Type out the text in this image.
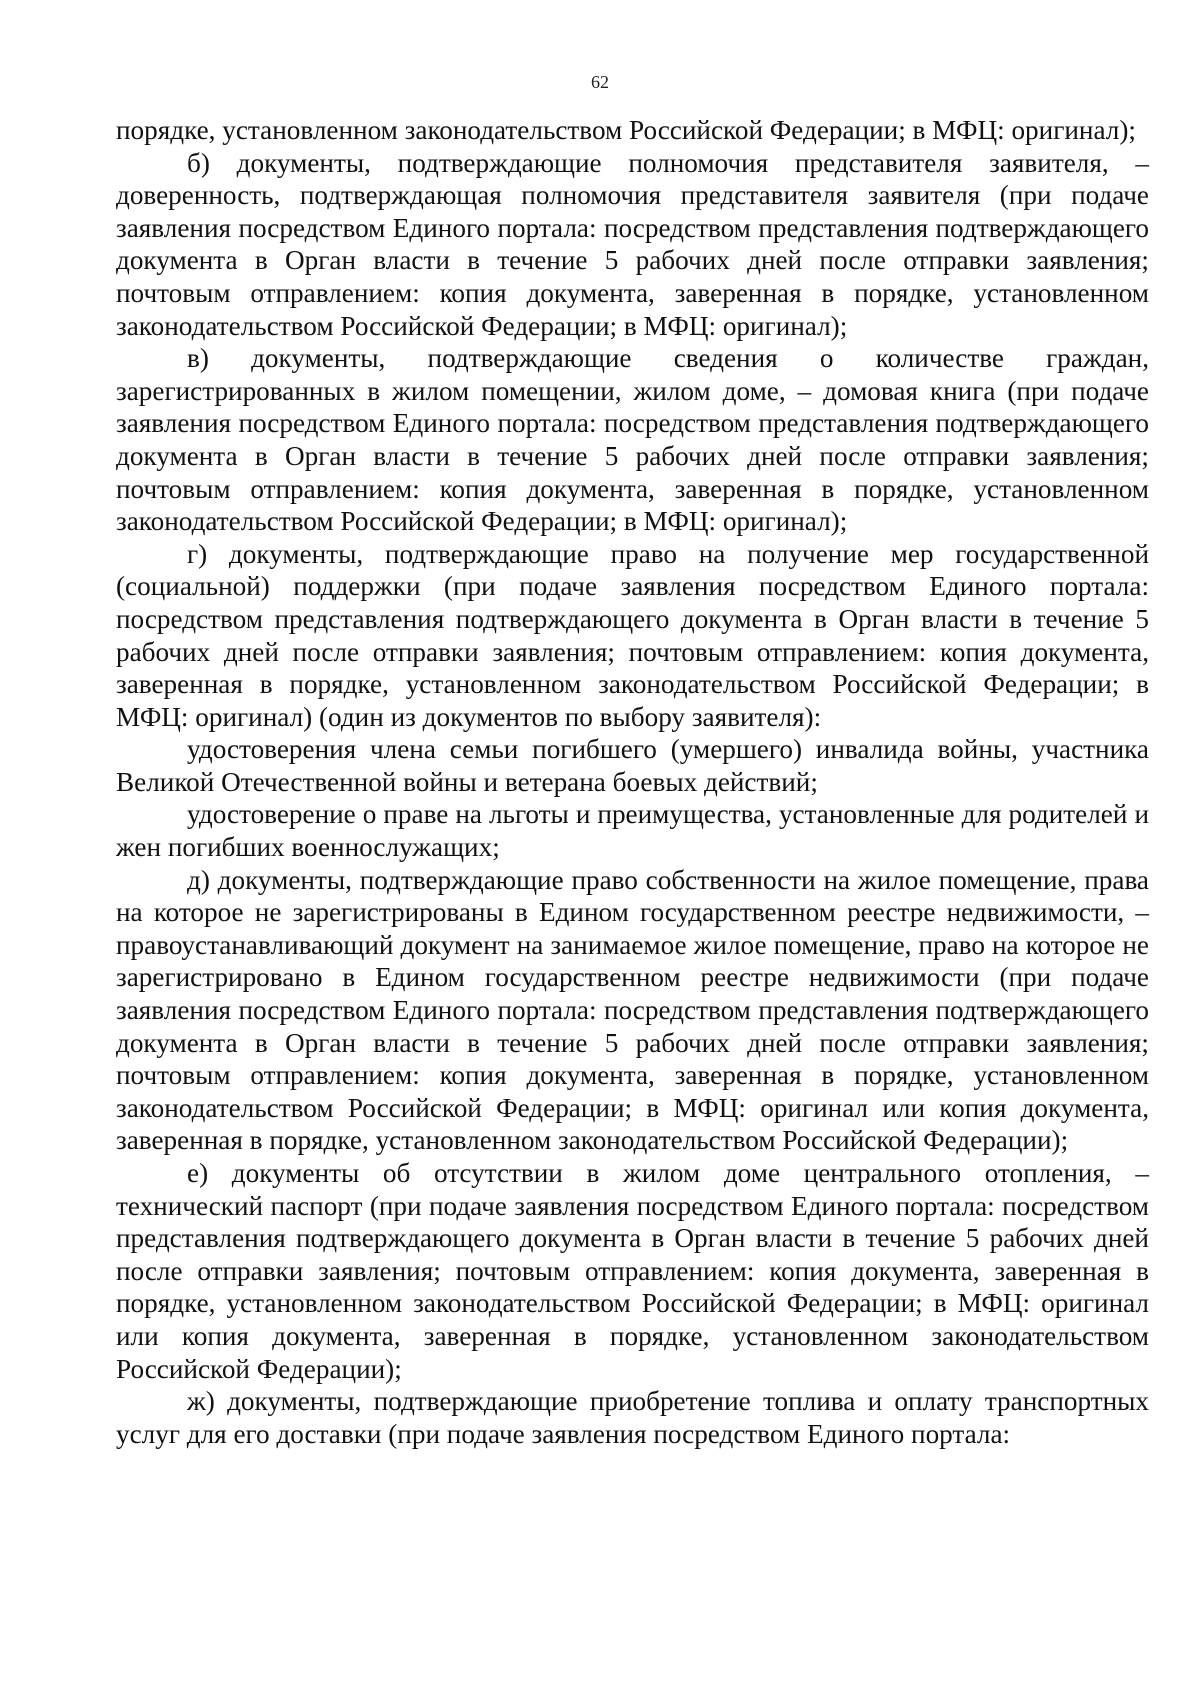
62

порядке, установленном законодательством Российской Федерации; в МФЦ: оригинал);

б) документы, подтверждающие полномочия представителя заявителя, – доверенность, подтверждающая полномочия представителя заявителя (при подаче заявления посредством Единого портала: посредством представления подтверждающего документа в Орган власти в течение 5 рабочих дней после отправки заявления; почтовым отправлением: копия документа, заверенная в порядке, установленном законодательством Российской Федерации; в МФЦ: оригинал);

в) документы, подтверждающие сведения о количестве граждан, зарегистрированных в жилом помещении, жилом доме, – домовая книга (при подаче заявления посредством Единого портала: посредством представления подтверждающего документа в Орган власти в течение 5 рабочих дней после отправки заявления; почтовым отправлением: копия документа, заверенная в порядке, установленном законодательством Российской Федерации; в МФЦ: оригинал);

г) документы, подтверждающие право на получение мер государственной (социальной) поддержки (при подаче заявления посредством Единого портала: посредством представления подтверждающего документа в Орган власти в течение 5 рабочих дней после отправки заявления; почтовым отправлением: копия документа, заверенная в порядке, установленном законодательством Российской Федерации; в МФЦ: оригинал) (один из документов по выбору заявителя):

удостоверения члена семьи погибшего (умершего) инвалида войны, участника Великой Отечественной войны и ветерана боевых действий;

удостоверение о праве на льготы и преимущества, установленные для родителей и жен погибших военнослужащих;

д) документы, подтверждающие право собственности на жилое помещение, права на которое не зарегистрированы в Едином государственном реестре недвижимости, – правоустанавливающий документ на занимаемое жилое помещение, право на которое не зарегистрировано в Едином государственном реестре недвижимости (при подаче заявления посредством Единого портала: посредством представления подтверждающего документа в Орган власти в течение 5 рабочих дней после отправки заявления; почтовым отправлением: копия документа, заверенная в порядке, установленном законодательством Российской Федерации; в МФЦ: оригинал или копия документа, заверенная в порядке, установленном законодательством Российской Федерации);

е) документы об отсутствии в жилом доме центрального отопления, – технический паспорт (при подаче заявления посредством Единого портала: посредством представления подтверждающего документа в Орган власти в течение 5 рабочих дней после отправки заявления; почтовым отправлением: копия документа, заверенная в порядке, установленном законодательством Российской Федерации; в МФЦ: оригинал или копия документа, заверенная в порядке, установленном законодательством Российской Федерации);

ж) документы, подтверждающие приобретение топлива и оплату транспортных услуг для его доставки (при подаче заявления посредством Единого портала:
